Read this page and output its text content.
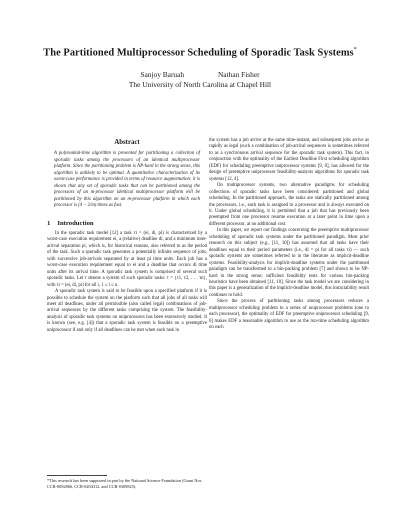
The Partitioned Multiprocessor Scheduling of Sporadic Task Systems*
Sanjoy Baruah	Nathan Fisher
The University of North Carolina at Chapel Hill
Abstract
A polynomial-time algorithm is presented for partitioning a collection of sporadic tasks among the processors of an identical multiprocessor platform. Since the partitioning problem is NP-hard in the strong sense, this algorithm is unlikely to be optimal. A quantitative characterization of its worst-case performance is provided in terms of resource augmentation: it is shown that any set of sporadic tasks that can be partitioned among the processors of an m-processor identical multiprocessor platform will be partitioned by this algorithm on an m-processor platform in which each processor is (4 − 2/m) times as fast.
1 Introduction

In the sporadic task model [12] a task τi = (ei, di, pi) is characterized by a worst-case execution requirement ei, a (relative) deadline di, and a minimum inter-arrival separation pi, which is, for historical reasons, also referred to as the period of the task. Such a sporadic task generates a potentially infinite sequence of jobs, with successive job-arrivals separated by at least pi time units. Each job has a worst-case execution requirement equal to ei and a deadline that occurs di time units after its arrival time. A sporadic task system is comprised of several such sporadic tasks. Let τ denote a system of such sporadic tasks: τ = {τ1, τ2, . . . τn}, with τi = (ei, di, pi) for all i, 1 ≤ i ≤ n.

A sporadic task system is said to be feasible upon a specified platform if it is possible to schedule the system on the platform such that all jobs of all tasks will meet all deadlines, under all permissible (also called legal) combinations of job-arrival sequences by the different tasks comprising the system. The feasibility-analysis of sporadic task systems on uniprocessors has been extensively studied. It is known (see, e.g. [4]) that a sporadic task system is feasible on a preemptive uniprocessor if and only if all deadlines can be met when each task in

*This research has been supported in part by the National Science Foundation (Grant Nos. CCR-0082866, CCR-0204312, and CCR-0309825).

the system has a job arrive at the same time-instant, and subsequent jobs arrive as rapidly as legal (such a combination of job-arrival sequences is sometimes referred to as a synchronous arrival sequence for the sporadic task system). This fact, in conjunction with the optimality of the Earliest Deadline First scheduling algorithm (EDF) for scheduling preemptive uniprocessor systems [9, 6], has allowed for the design of preemptive uniprocessor feasibility-analysis algorithms for sporadic task systems [12, 4].

On multiprocessor systems, two alternative paradigms for scheduling collections of sporadic tasks have been considered: partitioned and global scheduling. In the partitioned approach, the tasks are statically partitioned among the processors, i.e., each task is assigned to a processor and is always executed on it. Under global scheduling, it is permitted that a job that has previously been preempted from one processor resume execution at a later point in time upon a different processor, at no additional cost.

In this paper, we report our findings concerning the preemptive multiprocessor scheduling of sporadic task systems under the partitioned paradigm. Most prior research on this subject (e.g., [11, 10]) has assumed that all tasks have their deadlines equal to their period parameters (i.e., di = pi for all tasks τi) — such sporadic systems are sometimes referred to in the literature as implicit-deadline systems. Feasibility-analysis for implicit-deadline systems under the partitioned paradigm can be transformed to a bin-packing problem [7] and shown to be NP-hard in the strong sense; sufficient feasibility tests for various bin-packing heuristics have been obtained [11, 10]. Since the task model we are considering in this paper is a generalization of the implicit-deadline model, this intractability result continues to hold.

Since the process of partitioning tasks among processors reduces a multiprocessor scheduling problem to a series of uniprocessor problems (one to each processor), the optimality of EDF for preemptive uniprocessor scheduling [9, 6] makes EDF a reasonable algorithm to use as the run-time scheduling algorithm on each
